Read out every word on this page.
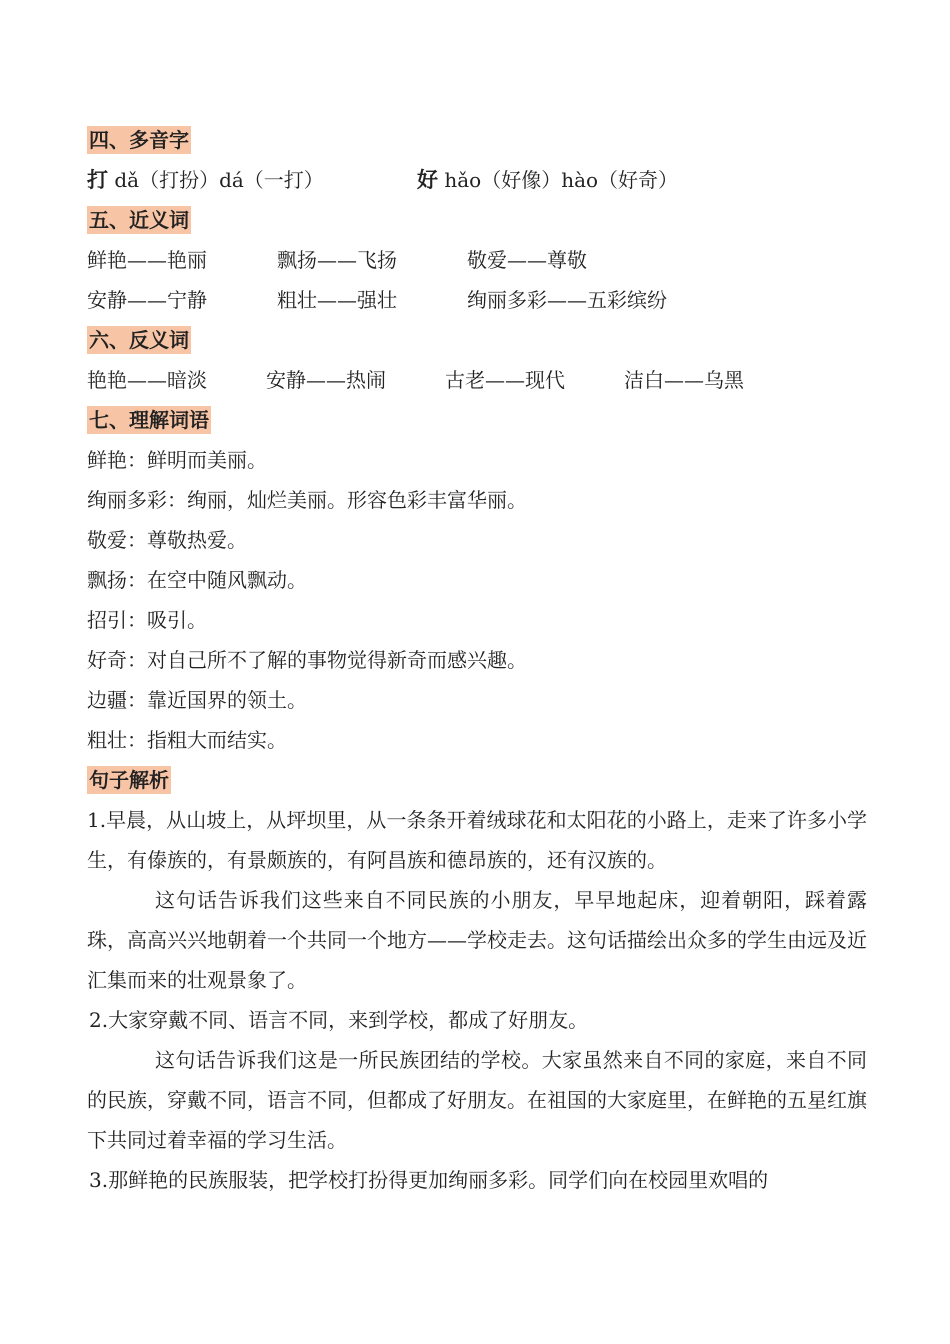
四、多音字
打 dǎ（打扮）dá（一打）	好 hǎo（好像）hào（好奇）
五、近义词
鲜艳——艳丽	飘扬——飞扬	敬爱——尊敬
安静——宁静	粗壮——强壮	绚丽多彩——五彩缤纷
六、反义词
艳艳——暗淡	安静——热闹	古老——现代	洁白——乌黑
七、理解词语
鲜艳：鲜明而美丽。
绚丽多彩：绚丽，灿烂美丽。形容色彩丰富华丽。
敬爱：尊敬热爱。
飘扬：在空中随风飘动。
招引：吸引。
好奇：对自己所不了解的事物觉得新奇而感兴趣。
边疆：靠近国界的领土。
粗壮：指粗大而结实。
句子解析
1.早晨，从山坡上，从坪坝里，从一条条开着绒球花和太阳花的小路上，走来了许多小学生，有傣族的，有景颇族的，有阿昌族和德昂族的，还有汉族的。
这句话告诉我们这些来自不同民族的小朋友，早早地起床，迎着朝阳，踩着露珠，高高兴兴地朝着一个共同一个地方——学校走去。这句话描绘出众多的学生由远及近汇集而来的壮观景象了。
2.大家穿戴不同、语言不同，来到学校，都成了好朋友。
这句话告诉我们这是一所民族团结的学校。大家虽然来自不同的家庭，来自不同的民族，穿戴不同，语言不同，但都成了好朋友。在祖国的大家庭里，在鲜艳的五星红旗下共同过着幸福的学习生活。
3.那鲜艳的民族服装，把学校打扮得更加绚丽多彩。同学们向在校园里欢唱的
